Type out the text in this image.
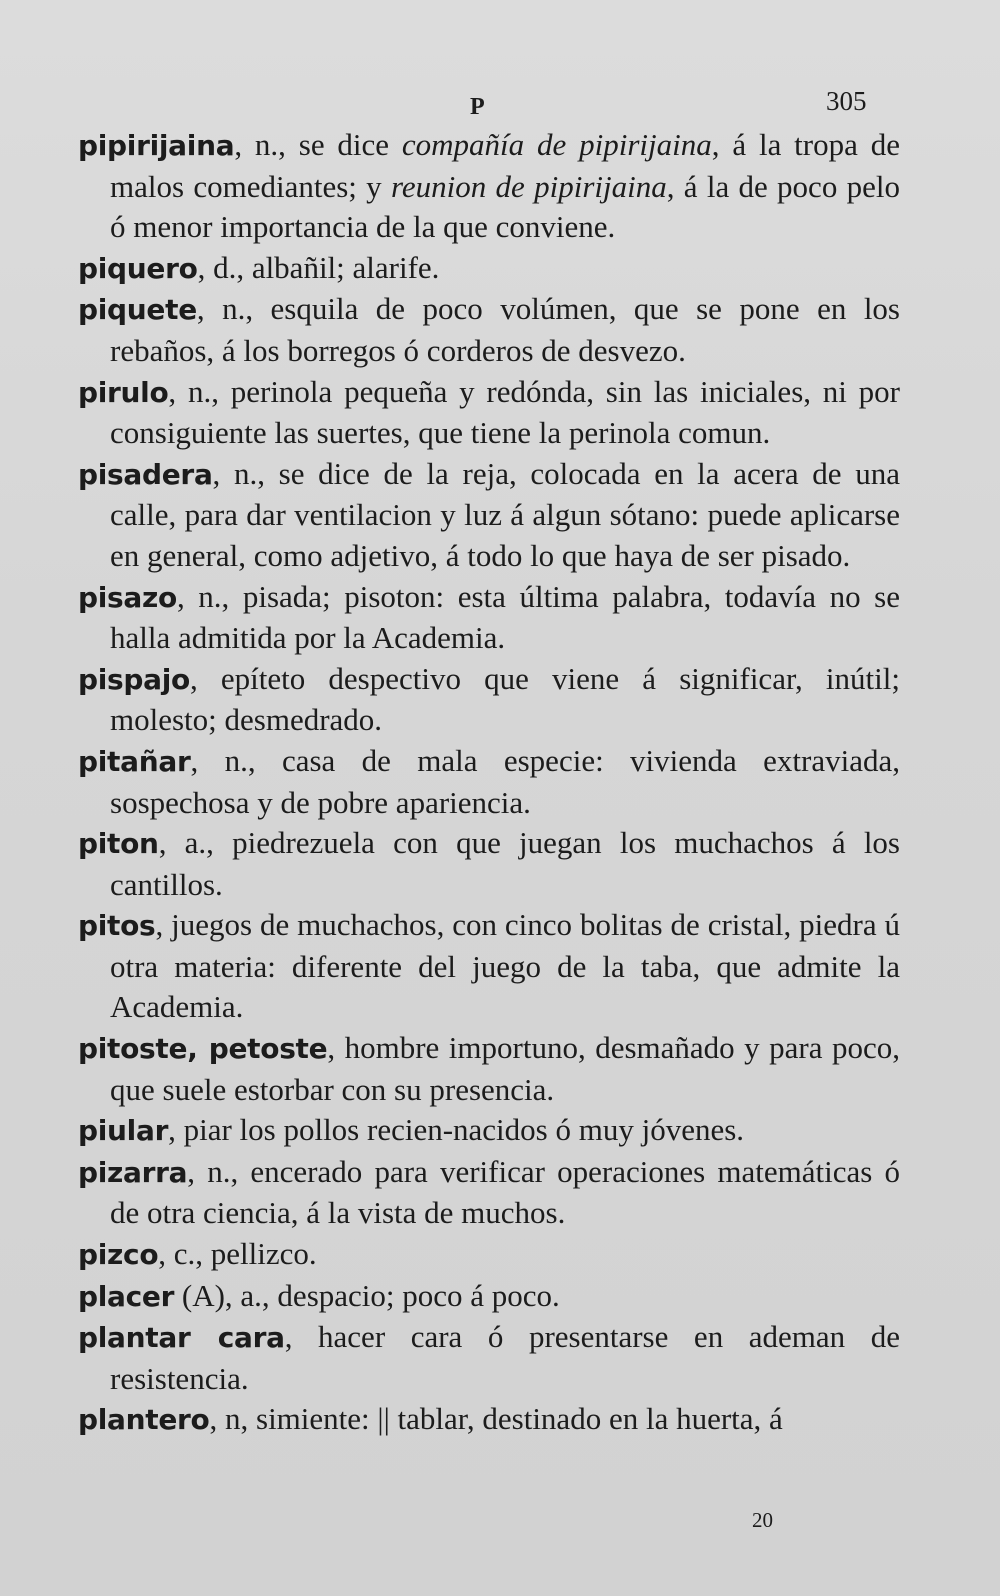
P	305

pipirijaina, n., se dice compañía de pipirijaina, á la tropa de malos comediantes; y reunion de pipirijaina, á la de poco pelo ó menor importancia de la que conviene.

piquero, d., albañil; alarife.

piquete, n., esquila de poco volúmen, que se pone en los rebaños, á los borregos ó corderos de desvezo.

pirulo, n., perinola pequeña y redónda, sin las iniciales, ni por consiguiente las suertes, que tiene la perinola comun.

pisadera, n., se dice de la reja, colocada en la acera de una calle, para dar ventilacion y luz á algun sótano: puede aplicarse en general, como adjetivo, á todo lo que haya de ser pisado.

pisazo, n., pisada; pisoton: esta última palabra, todavía no se halla admitida por la Academia.

pispajo, epíteto despectivo que viene á significar, inútil; molesto; desmedrado.

pitañar, n., casa de mala especie: vivienda extraviada, sospechosa y de pobre apariencia.

piton, a., piedrezuela con que juegan los muchachos á los cantillos.

pitos, juegos de muchachos, con cinco bolitas de cristal, piedra ú otra materia: diferente del juego de la taba, que admite la Academia.

pitoste, petoste, hombre importuno, desmañado y para poco, que suele estorbar con su presencia.

piular, piar los pollos recien-nacidos ó muy jóvenes.

pizarra, n., encerado para verificar operaciones matemáticas ó de otra ciencia, á la vista de muchos.

pizco, c., pellizco.

placer (A), a., despacio; poco á poco.

plantar cara, hacer cara ó presentarse en ademan de resistencia.

plantero, n, simiente: || tablar, destinado en la huerta, á

20
